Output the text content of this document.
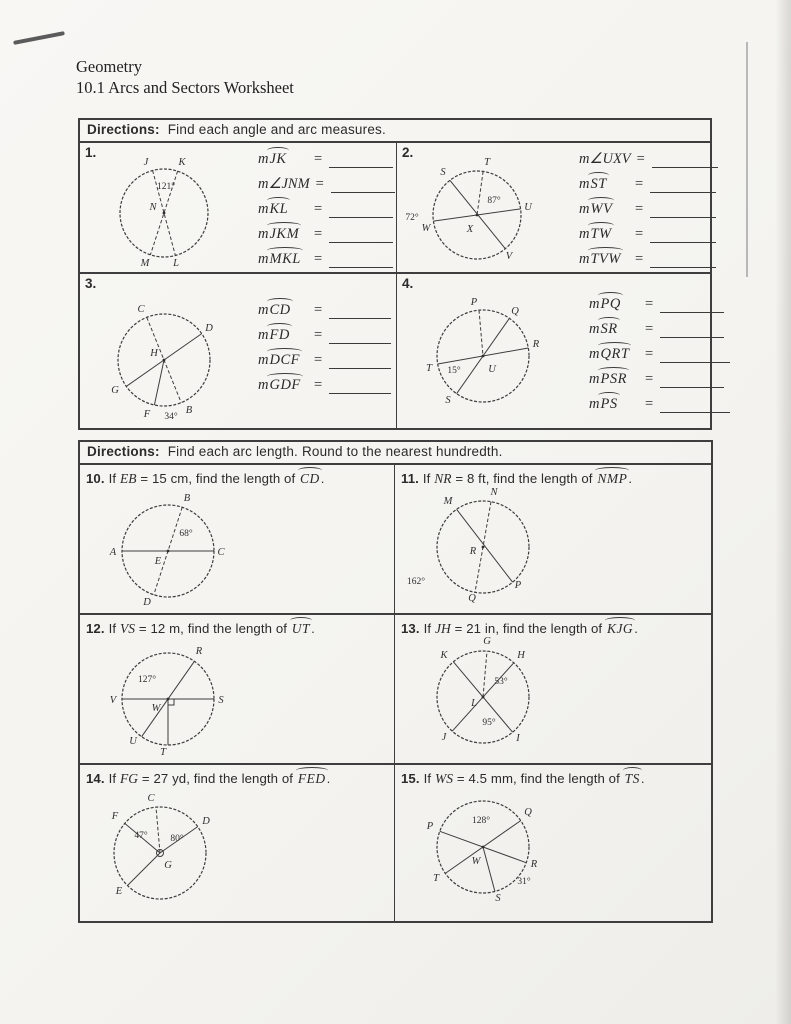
Geometry
10.1 Arcs and Sectors Worksheet
Directions: Find each angle and arc measures.
1.
J	K
N
M L
121°
mJK	=
m∠JNM =
mKL	=
mJKM	=
mMKL =
2.
T
S
U
W
V
X
72°
87°
m∠UXV =
mST	=
mWV	=
mTW	=
mTVW =
3.
C
D
G
B
F
H
34°
mCD	=
mFD	=
mDCF =
mGDF =
4.
P
Q
R
T
S
U
15°
mPQ	=
mSR	=
mQRT	=
mPSR	=
mPS	=
Directions: Find each arc length. Round to the nearest hundredth.
10. If EB = 15 cm, find the length of CD.
B
A	C
D
E
68°
11. If NR = 8 ft, find the length of NMP.
N
M
P
Q
R
162°
12. If VS = 12 m, find the length of UT.
R
U
V	S
T
W
127°
13. If JH = 21 in, find the length of KJG.
G
K	H
J	I
L
53°
95°
14. If FG = 27 yd, find the length of FED.
C
F	D
E
G
47° 80°
15. If WS = 4.5 mm, find the length of TS.
P
Q
T
R
S
W
128°
31°
